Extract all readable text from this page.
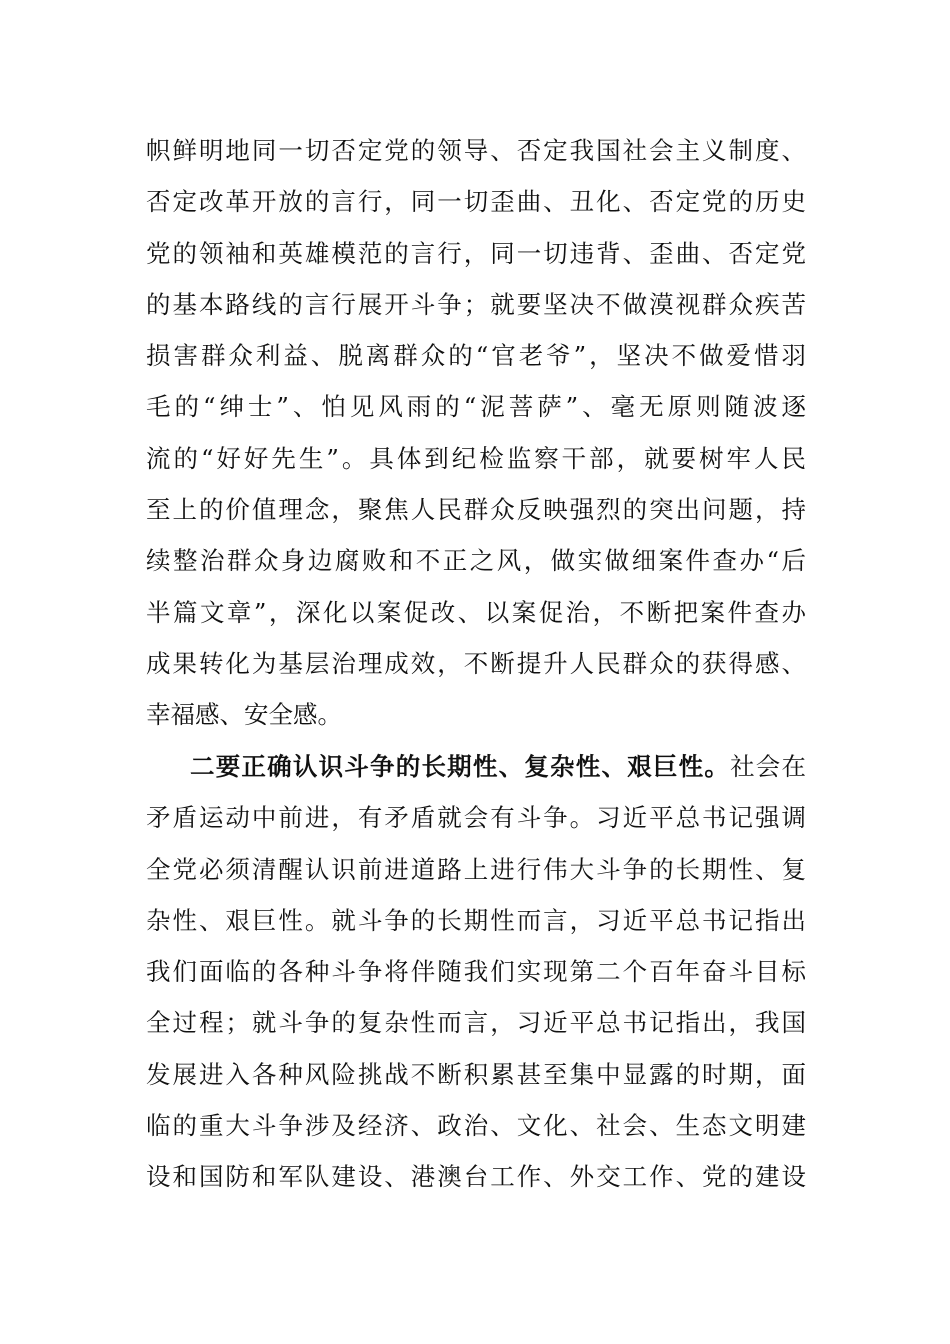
帜鲜明地同一切否定党的领导、否定我国社会主义制度、
否定改革开放的言行，同一切歪曲、丑化、否定党的历史
党的领袖和英雄模范的言行，同一切违背、歪曲、否定党
的基本路线的言行展开斗争；就要坚决不做漠视群众疾苦
损害群众利益、脱离群众的“官老爷”，坚决不做爱惜羽
毛的“绅士”、怕见风雨的“泥菩萨”、毫无原则随波逐
流的“好好先生”。具体到纪检监察干部，就要树牢人民
至上的价值理念，聚焦人民群众反映强烈的突出问题，持
续整治群众身边腐败和不正之风，做实做细案件查办“后
半篇文章”，深化以案促改、以案促治，不断把案件查办
成果转化为基层治理成效，不断提升人民群众的获得感、
幸福感、安全感。
二要正确认识斗争的长期性、复杂性、艰巨性。社会在
矛盾运动中前进，有矛盾就会有斗争。习近平总书记强调
全党必须清醒认识前进道路上进行伟大斗争的长期性、复
杂性、艰巨性。就斗争的长期性而言，习近平总书记指出
我们面临的各种斗争将伴随我们实现第二个百年奋斗目标
全过程；就斗争的复杂性而言，习近平总书记指出，我国
发展进入各种风险挑战不断积累甚至集中显露的时期，面
临的重大斗争涉及经济、政治、文化、社会、生态文明建
设和国防和军队建设、港澳台工作、外交工作、党的建设
